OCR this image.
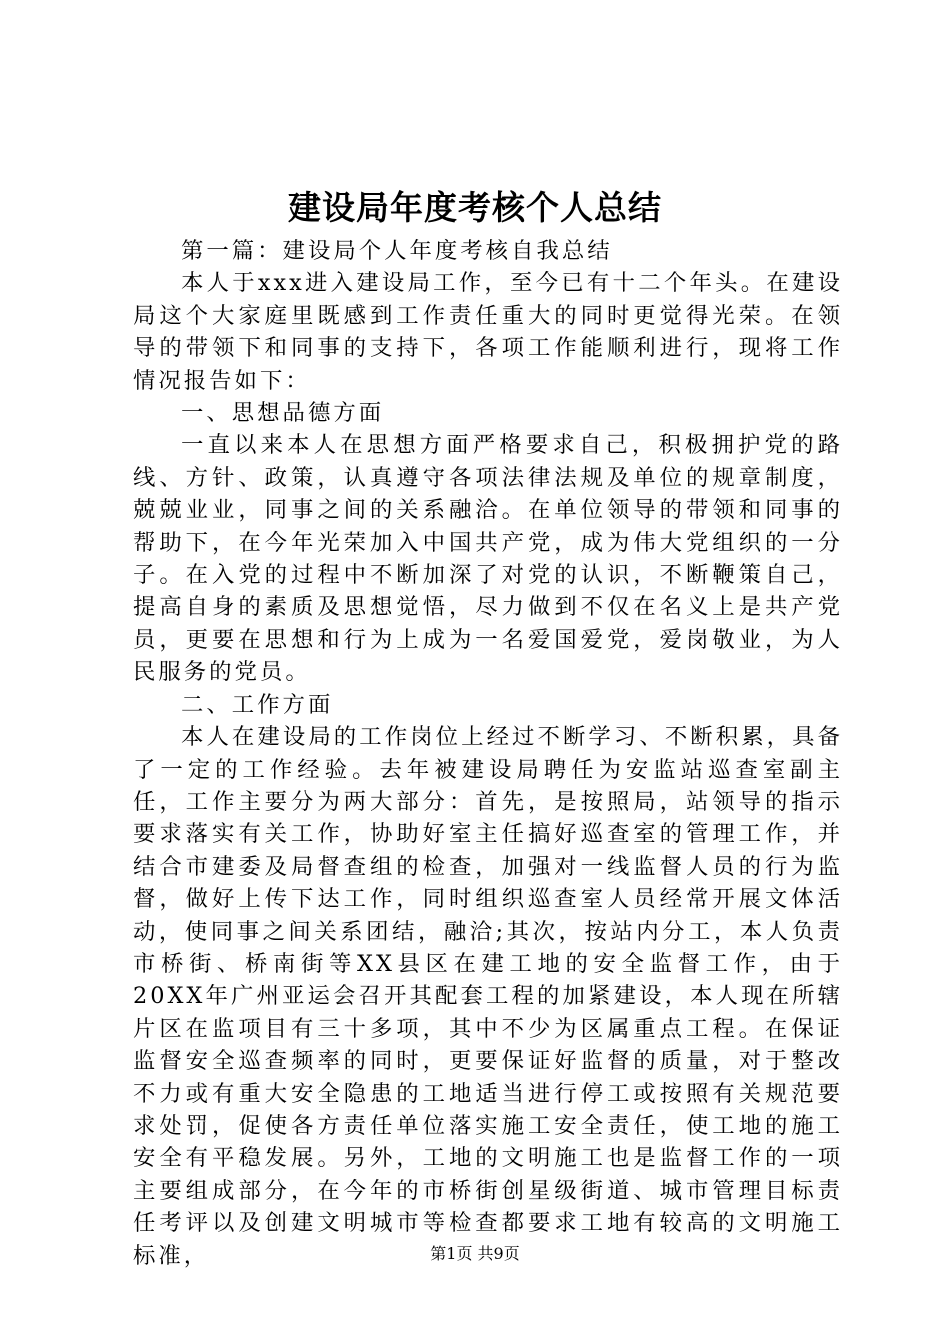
建设局年度考核个人总结

第一篇：建设局个人年度考核自我总结

本人于xxx进入建设局工作，至今已有十二个年头。在建设局这个大家庭里既感到工作责任重大的同时更觉得光荣。在领导的带领下和同事的支持下，各项工作能顺利进行，现将工作情况报告如下：

一、思想品德方面

一直以来本人在思想方面严格要求自己，积极拥护党的路线、方针、政策，认真遵守各项法律法规及单位的规章制度，兢兢业业，同事之间的关系融洽。在单位领导的带领和同事的帮助下，在今年光荣加入中国共产党，成为伟大党组织的一分子。在入党的过程中不断加深了对党的认识，不断鞭策自己，提高自身的素质及思想觉悟，尽力做到不仅在名义上是共产党员，更要在思想和行为上成为一名爱国爱党，爱岗敬业，为人民服务的党员。

二、工作方面

本人在建设局的工作岗位上经过不断学习、不断积累，具备了一定的工作经验。去年被建设局聘任为安监站巡查室副主任，工作主要分为两大部分：首先，是按照局，站领导的指示要求落实有关工作，协助好室主任搞好巡查室的管理工作，并结合市建委及局督查组的检查，加强对一线监督人员的行为监督，做好上传下达工作，同时组织巡查室人员经常开展文体活动，使同事之间关系团结，融洽;其次，按站内分工，本人负责市桥街、桥南街等XX县区在建工地的安全监督工作，由于20XX年广州亚运会召开其配套工程的加紧建设，本人现在所辖片区在监项目有三十多项，其中不少为区属重点工程。在保证监督安全巡查频率的同时，更要保证好监督的质量，对于整改不力或有重大安全隐患的工地适当进行停工或按照有关规范要求处罚，促使各方责任单位落实施工安全责任，使工地的施工安全有平稳发展。另外，工地的文明施工也是监督工作的一项主要组成部分，在今年的市桥街创星级街道、城市管理目标责任考评以及创建文明城市等检查都要求工地有较高的文明施工标准，	第1页 共9页
